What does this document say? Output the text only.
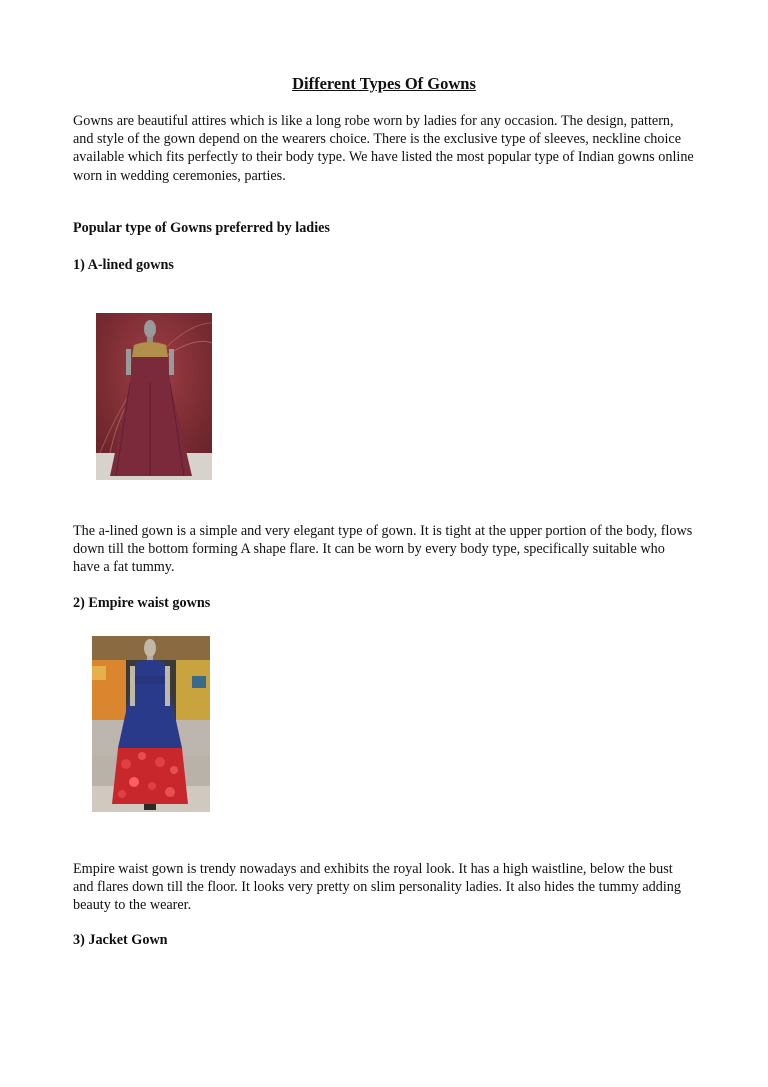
Different Types Of Gowns

Gowns are beautiful attires which is like a long robe worn by ladies for any occasion. The design, pattern, and style of the gown depend on the wearers choice. There is the exclusive type of sleeves, neckline choice available which fits perfectly to their body type. We have listed the most popular type of Indian gowns online worn in wedding ceremonies, parties.

Popular type of Gowns preferred by ladies

1) A-lined gowns

The a-lined gown is a simple and very elegant type of gown. It is tight at the upper portion of the body, flows down till the bottom forming A shape flare. It can be worn by every body type, specifically suitable who have a fat tummy.

2) Empire waist gowns

Empire waist gown is trendy nowadays and exhibits the royal look. It has a high waistline, below the bust and flares down till the floor. It looks very pretty on slim personality ladies. It also hides the tummy adding beauty to the wearer.

3) Jacket Gown
